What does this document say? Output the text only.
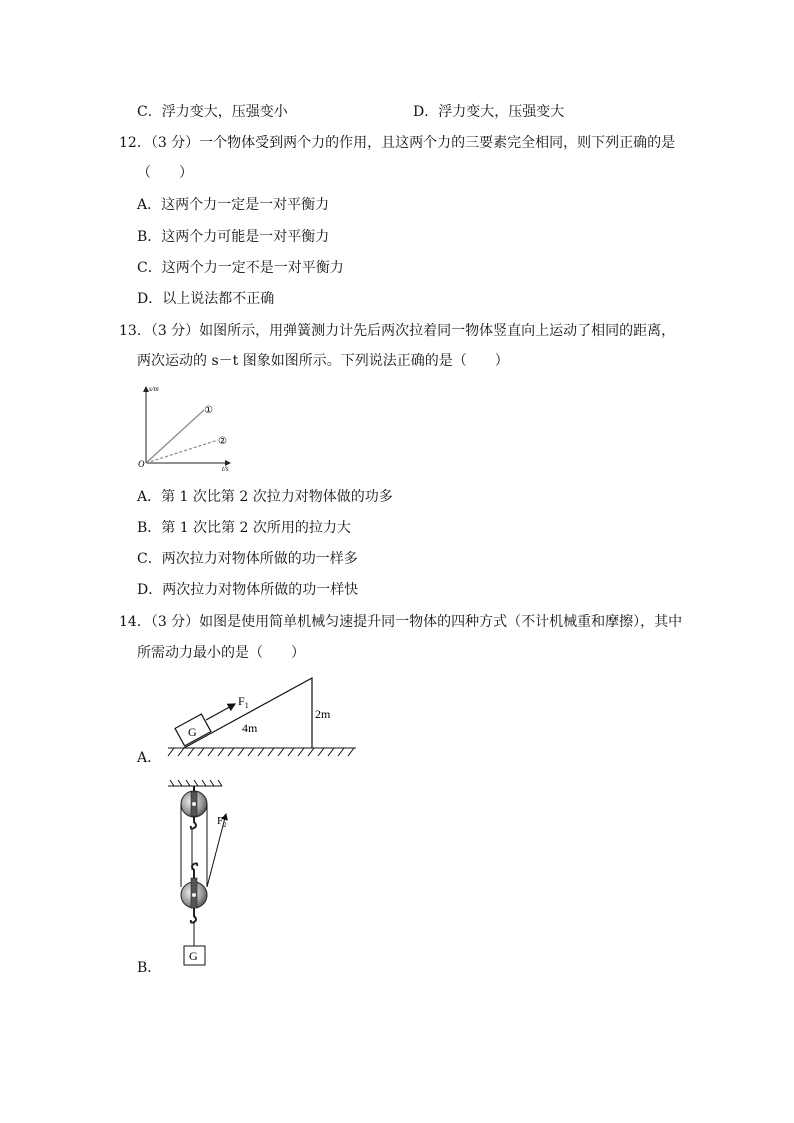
C．浮力变大，压强变小	D．浮力变大，压强变大
12．（3 分）一个物体受到两个力的作用，且这两个力的三要素完全相同，则下列正确的是
（　　）
A．这两个力一定是一对平衡力
B．这两个力可能是一对平衡力
C．这两个力一定不是一对平衡力
D．以上说法都不正确
13．（3 分）如图所示，用弹簧测力计先后两次拉着同一物体竖直向上运动了相同的距离，
两次运动的 s－t 图象如图所示。下列说法正确的是（　　）
s/m
t/s
O
①
②
A．第 1 次比第 2 次拉力对物体做的功多
B．第 1 次比第 2 次所用的拉力大
C．两次拉力对物体所做的功一样多
D．两次拉力对物体所做的功一样快
14．（3 分）如图是使用简单机械匀速提升同一物体的四种方式（不计机械重和摩擦），其中
所需动力最小的是（　　）
G
$F_1$
4m
2m
A．
$F_2$
G
B．
